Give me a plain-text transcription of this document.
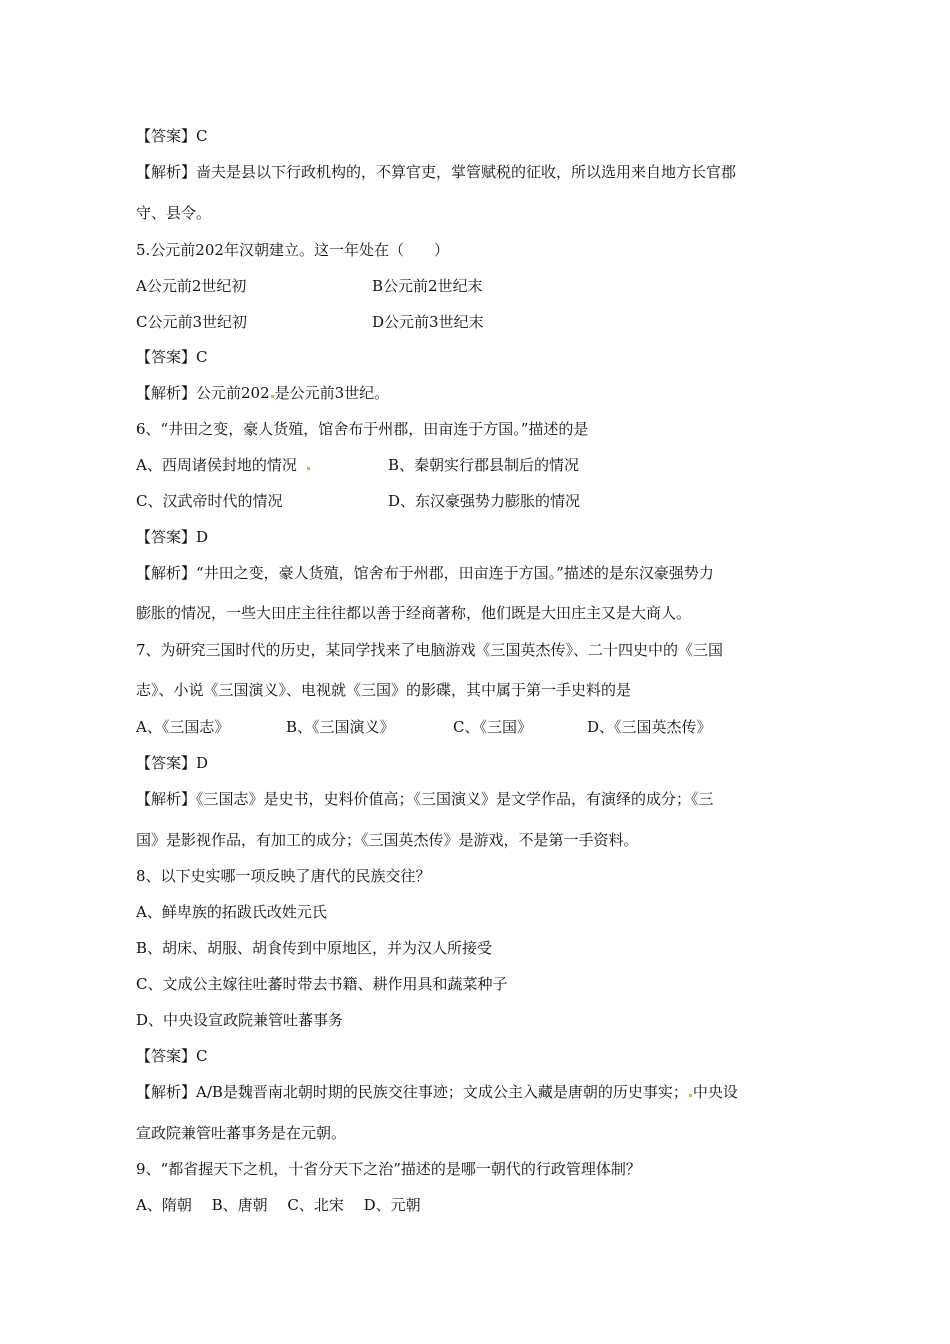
【答案】C
【解析】啬夫是县以下行政机构的，不算官吏，掌管赋税的征收，所以选用来自地方长官郡
守、县令。
5.公元前202年汉朝建立。这一年处在（　　）
A公元前2世纪初	B公元前2世纪末
C公元前3世纪初	D公元前3世纪末
【答案】C
【解析】公元前202 是公元前3世纪。
6、“井田之变，豪人货殖，馆舍布于州郡，田亩连于方国。”描述的是
A、西周诸侯封地的情况	B、秦朝实行郡县制后的情况
C、汉武帝时代的情况	D、东汉豪强势力膨胀的情况
【答案】D
【解析】“井田之变，豪人货殖，馆舍布于州郡，田亩连于方国。”描述的是东汉豪强势力
膨胀的情况，一些大田庄主往往都以善于经商著称，他们既是大田庄主又是大商人。
7、为研究三国时代的历史，某同学找来了电脑游戏《三国英杰传》、二十四史中的《三国
志》、小说《三国演义》、电视就《三国》的影碟，其中属于第一手史料的是
A、《三国志》	B、《三国演义》	C、《三国》	D、《三国英杰传》
【答案】D
【解析】《三国志》是史书，史料价值高；《三国演义》是文学作品，有演绎的成分；《三
国》是影视作品，有加工的成分；《三国英杰传》是游戏，不是第一手资料。
8、以下史实哪一项反映了唐代的民族交往？
A、鲜卑族的拓跋氏改姓元氏
B、胡床、胡服、胡食传到中原地区，并为汉人所接受
C、文成公主嫁往吐蕃时带去书籍、耕作用具和蔬菜种子
D、中央设宣政院兼管吐蕃事务
【答案】C
【解析】A/B是魏晋南北朝时期的民族交往事迹；文成公主入藏是唐朝的历史事实； 中央设
宣政院兼管吐蕃事务是在元朝。
9、“都省握天下之机，十省分天下之治”描述的是哪一朝代的行政管理体制？
A、隋朝　 B、唐朝　 C、北宋　 D、元朝
